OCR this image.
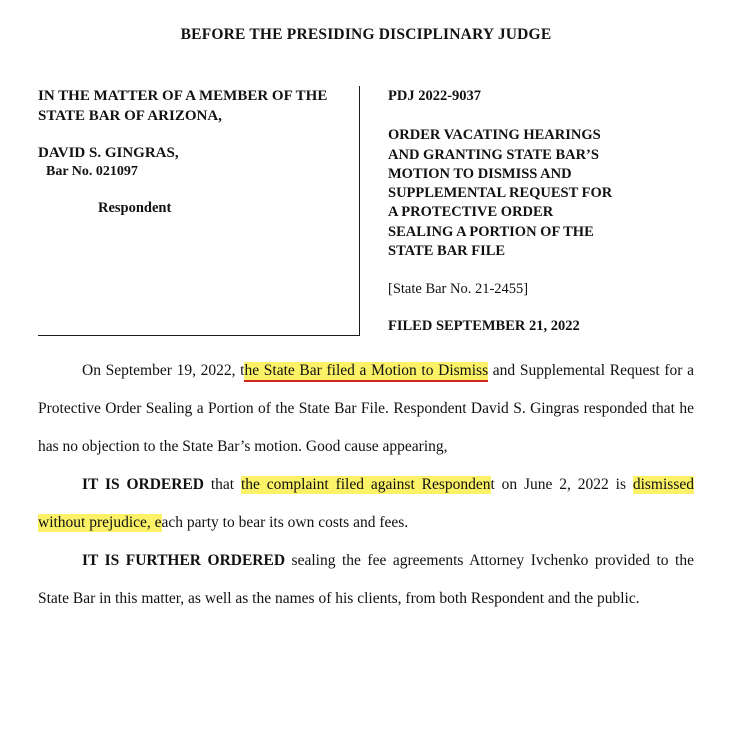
BEFORE THE PRESIDING DISCIPLINARY JUDGE
IN THE MATTER OF A MEMBER OF THE
STATE BAR OF ARIZONA,
DAVID S. GINGRAS,
Bar No. 021097
Respondent
PDJ 2022-9037
ORDER VACATING HEARINGS
AND GRANTING STATE BAR’S
MOTION TO DISMISS AND
SUPPLEMENTAL REQUEST FOR
A PROTECTIVE ORDER
SEALING A PORTION OF THE
STATE BAR FILE
[State Bar No. 21-2455]
FILED SEPTEMBER 21, 2022

On September 19, 2022, the State Bar filed a Motion to Dismiss and Supplemental Request for a Protective Order Sealing a Portion of the State Bar File. Respondent David S. Gingras responded that he has no objection to the State Bar’s motion. Good cause appearing,

IT IS ORDERED that the complaint filed against Respondent on June 2, 2022 is dismissed without prejudice, each party to bear its own costs and fees.

IT IS FURTHER ORDERED sealing the fee agreements Attorney Ivchenko provided to the State Bar in this matter, as well as the names of his clients, from both Respondent and the public.
